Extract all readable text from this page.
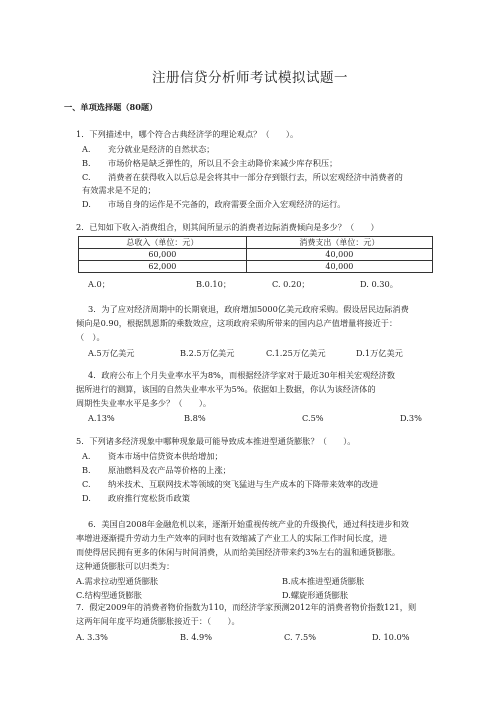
注册信贷分析师考试模拟试题一
一、单项选择题（80题）
1．下列描述中，哪个符合古典经济学的理论观点？（　　）。
A. 充分就业是经济的自然状态；
B. 市场价格是缺乏弹性的，所以且不会主动降价来减少库存积压；
C. 消费者在获得收入以后总是会将其中一部分存到银行去，所以宏观经济中消费者的
有效需求是不足的；
D. 市场自身的运作是不完备的，政府需要全面介入宏观经济的运行。
2．已知如下收入-消费组合，则其间所显示的消费者边际消费倾向是多少？（　　）
总收入（单位：元）	消费支出（单位：元）
60,000	40,000
62,000	40,000
A.0；	B.0.10；	C. 0.20；	D. 0.30。
3．为了应对经济周期中的长期衰退，政府增加5000亿美元政府采购。假设居民边际消费
倾向是0.90，根据凯恩斯的乘数效应，这项政府采购所带来的国内总产值增量将接近于：
（　）。
A.5万亿美元	B.2.5万亿美元	C.1.25万亿美元	D.1万亿美元
4．政府公布上个月失业率水平为8%，而根据经济学家对于最近30年相关宏观经济数
据所进行的测算，该国的自然失业率水平为5%。依据如上数据，你认为该经济体的
周期性失业率水平是多少？（　　）。
A.13%	B.8%	C.5%	D.3%
5．下列诸多经济现象中哪种现象最可能导致成本推进型通货膨胀？（　　）。
A. 资本市场中信贷资本供给增加；
B. 原油燃料及农产品等价格的上涨；
C. 纳米技术、互联网技术等领域的突飞猛进与生产成本的下降带来效率的改进
D. 政府推行宽松货币政策
6．美国自2008年金融危机以来，逐渐开始重视传统产业的升级换代，通过科技进步和效
率增进逐渐提升劳动力生产效率的同时也有效缩减了产业工人的实际工作时间长度，进
而使得居民拥有更多的休闲与时间消费，从而给美国经济带来约3%左右的温和通货膨胀。
这种通货膨胀可以归类为：
A.需求拉动型通货膨胀	B.成本推进型通货膨胀
C.结构型通货膨胀	D.螺旋形通货膨胀
7．假定2009年的消费者物价指数为110，而经济学家预测2012年的消费者物价指数121，则
这两年间年度平均通货膨胀接近于：（　　）。
A. 3.3%	B. 4.9%	C. 7.5%	D. 10.0%
